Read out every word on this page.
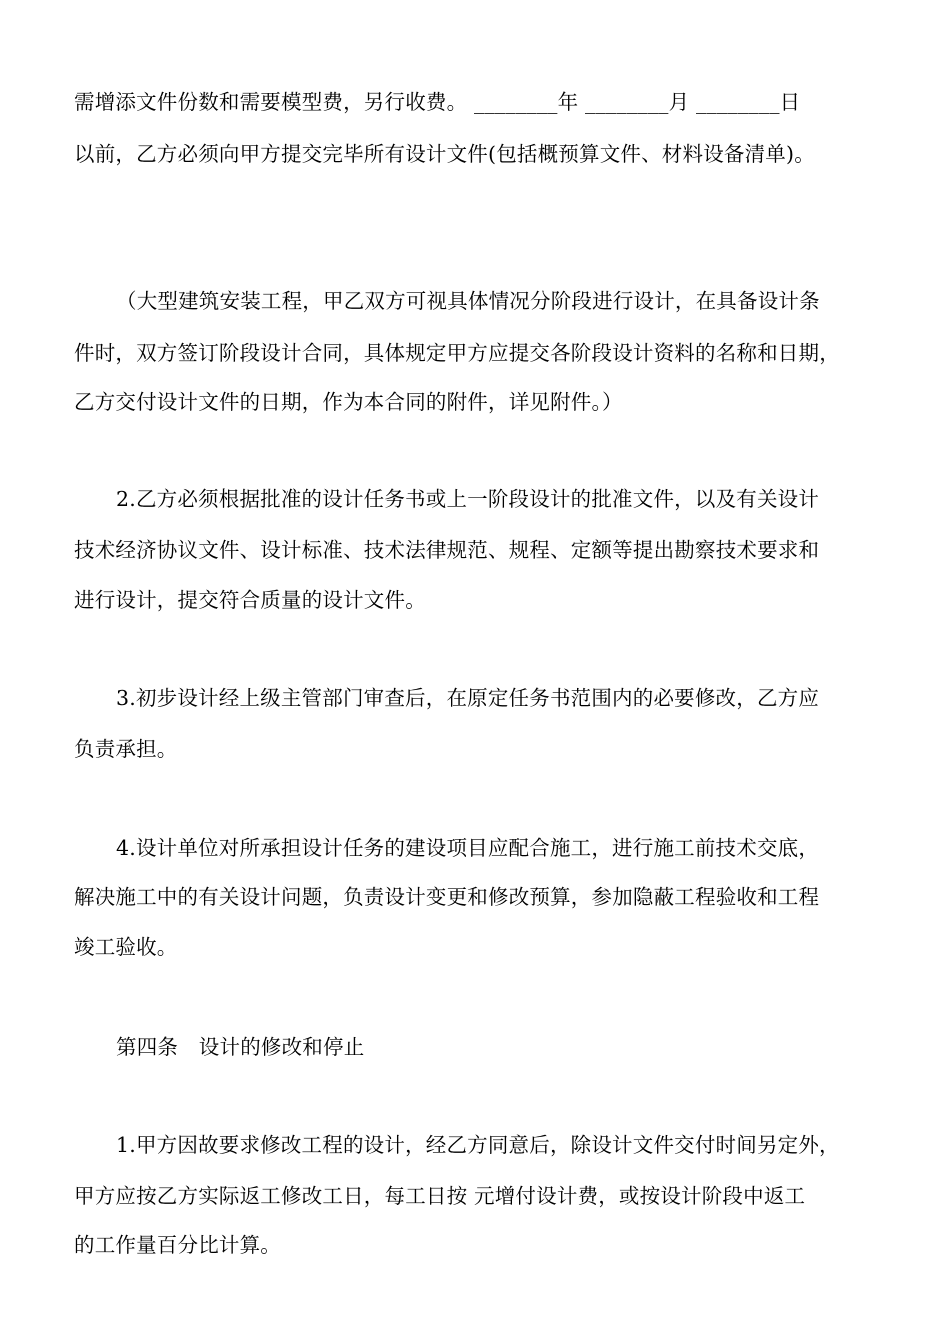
需增添文件份数和需要模型费，另行收费。 ________年 ________月 ________日
以前，乙方必须向甲方提交完毕所有设计文件(包括概预算文件、材料设备清单)。
（大型建筑安装工程，甲乙双方可视具体情况分阶段进行设计，在具备设计条
件时，双方签订阶段设计合同，具体规定甲方应提交各阶段设计资料的名称和日期，
乙方交付设计文件的日期，作为本合同的附件，详见附件。）
2.乙方必须根据批准的设计任务书或上一阶段设计的批准文件，以及有关设计
技术经济协议文件、设计标准、技术法律规范、规程、定额等提出勘察技术要求和
进行设计，提交符合质量的设计文件。
3.初步设计经上级主管部门审查后，在原定任务书范围内的必要修改，乙方应
负责承担。
4.设计单位对所承担设计任务的建设项目应配合施工，进行施工前技术交底，
解决施工中的有关设计问题，负责设计变更和修改预算，参加隐蔽工程验收和工程
竣工验收。
第四条　设计的修改和停止
1.甲方因故要求修改工程的设计，经乙方同意后，除设计文件交付时间另定外，
甲方应按乙方实际返工修改工日，每工日按 元增付设计费，或按设计阶段中返工
的工作量百分比计算。
